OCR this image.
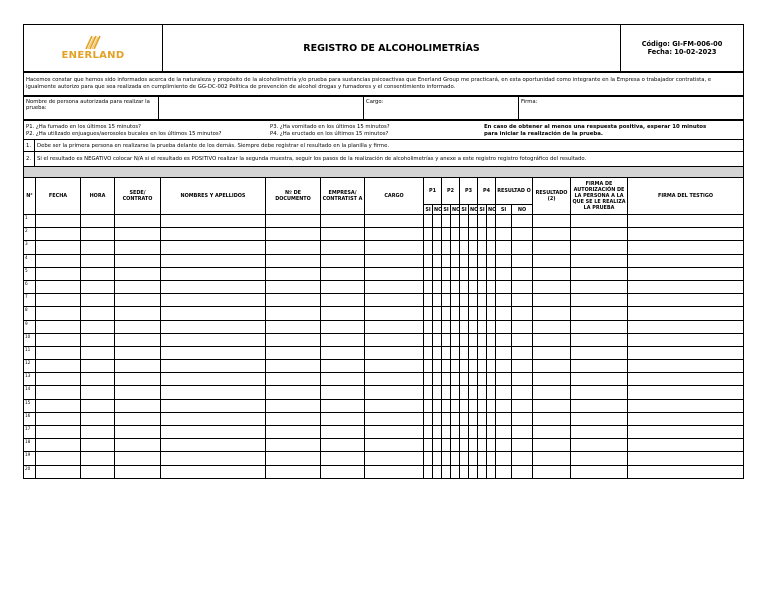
ENERLAND
	REGISTRO DE ALCOHOLIMETRÍAS	Código: GI-FM-006-00
Fecha: 10-02-2023
Hacemos constar que hemos sido informados acerca de la naturaleza y propósito de la alcoholimetría y/o prueba para sustancias psicoactivas que Enerland Group me practicará, en esta oportunidad como integrante en la Empresa o trabajador contratista, e igualmente autorizo para que sea realizada en cumplimiento de GG-DC-002 Política de prevención de alcohol drogas y fumadores y el consentimiento informado.
Nombre de persona autorizada para realizar la prueba:		Cargo:	Firma:
P1. ¿Ha fumado en los últimos 15 minutos?
P2. ¿Ha utilizado enjuagues/aerosoles bucales en los últimos 15 minutos?

P3. ¿Ha vomitado en los últimos 15 minutos?
P4. ¿Ha eructado en los últimos 15 minutos?

En caso de obtener al menos una respuesta positiva, esperar 10 minutos
para iniciar la realización de la prueba.
1.	Debe ser la primera persona en realizarse la prueba delante de los demás. Siempre debe registrar el resultado en la planilla y firme.
2.	Si el resultado es NEGATIVO colocar N/A si el resultado es POSITIVO realizar la segunda muestra, seguir los pasos de la realización de alcoholimetrías y anexe a este registro registro fotográfico del resultado.
N°	FECHA	HORA	SEDE/ CONTRATO	NOMBRES Y APELLIDOS	Nº DE DOCUMENTO	EMPRESA/ CONTRATIST A	CARGO	P1		P2		P3		P4		RESULTAD O		RESULTADO (2)	FIRMA DE AUTORIZACIÓN DE LA PERSONA A LA QUE SE LE REALIZA LA PRUEBA	FIRMA DEL TESTIGO
								SI	NO	SI	NO	SI	NO	SI	NO	SI	NO			
1																				
2																				
3																				
4																				
5																				
6																				
7																				
8																				
9																				
10																				
11																				
12																				
13																				
14																				
15																				
16																				
17																				
18																				
19																				
20																				
